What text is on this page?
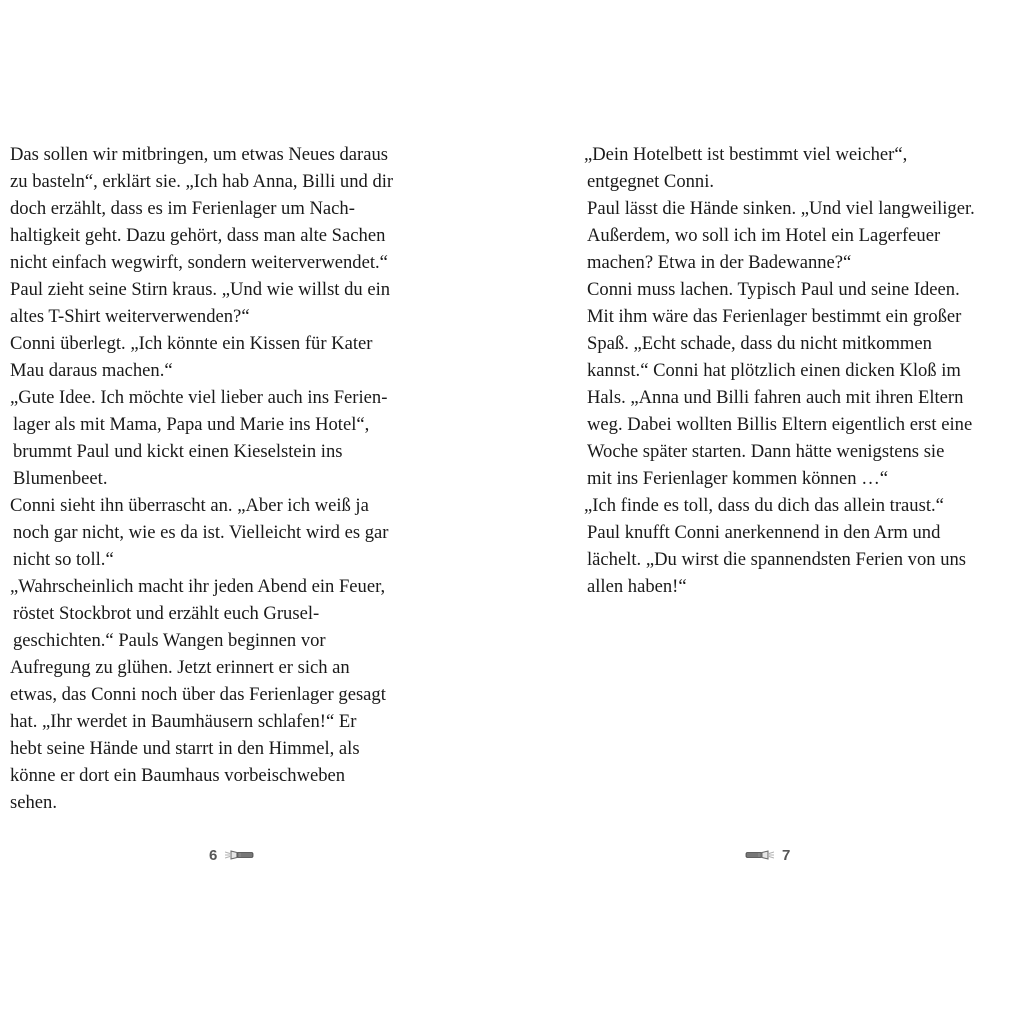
Das sollen wir mitbringen, um etwas Neues daraus
zu basteln“, erklärt sie. „Ich hab Anna, Billi und dir
doch erzählt, dass es im Ferienlager um Nach-
haltigkeit geht. Dazu gehört, dass man alte Sachen
nicht einfach wegwirft, sondern weiterverwendet.“
Paul zieht seine Stirn kraus. „Und wie willst du ein
altes T-Shirt weiterverwenden?“
Conni überlegt. „Ich könnte ein Kissen für Kater
Mau daraus machen.“
„Gute Idee. Ich möchte viel lieber auch ins Ferien-
lager als mit Mama, Papa und Marie ins Hotel“,
brummt Paul und kickt einen Kieselstein ins
Blumenbeet.
Conni sieht ihn überrascht an. „Aber ich weiß ja
noch gar nicht, wie es da ist. Vielleicht wird es gar
nicht so toll.“
„Wahrscheinlich macht ihr jeden Abend ein Feuer,
röstet Stockbrot und erzählt euch Grusel-
geschichten.“ Pauls Wangen beginnen vor
Aufregung zu glühen. Jetzt erinnert er sich an
etwas, das Conni noch über das Ferienlager gesagt
hat. „Ihr werdet in Baumhäusern schlafen!“ Er
hebt seine Hände und starrt in den Himmel, als
könne er dort ein Baumhaus vorbeischweben
sehen.
„Dein Hotelbett ist bestimmt viel weicher“,
entgegnet Conni.
Paul lässt die Hände sinken. „Und viel langweiliger.
Außerdem, wo soll ich im Hotel ein Lagerfeuer
machen? Etwa in der Badewanne?“
Conni muss lachen. Typisch Paul und seine Ideen.
Mit ihm wäre das Ferienlager bestimmt ein großer
Spaß. „Echt schade, dass du nicht mitkommen
kannst.“ Conni hat plötzlich einen dicken Kloß im
Hals. „Anna und Billi fahren auch mit ihren Eltern
weg. Dabei wollten Billis Eltern eigentlich erst eine
Woche später starten. Dann hätte wenigstens sie
mit ins Ferienlager kommen können …“
„Ich finde es toll, dass du dich das allein traust.“
Paul knufft Conni anerkennend in den Arm und
lächelt. „Du wirst die spannendsten Ferien von uns
allen haben!“
6	7
